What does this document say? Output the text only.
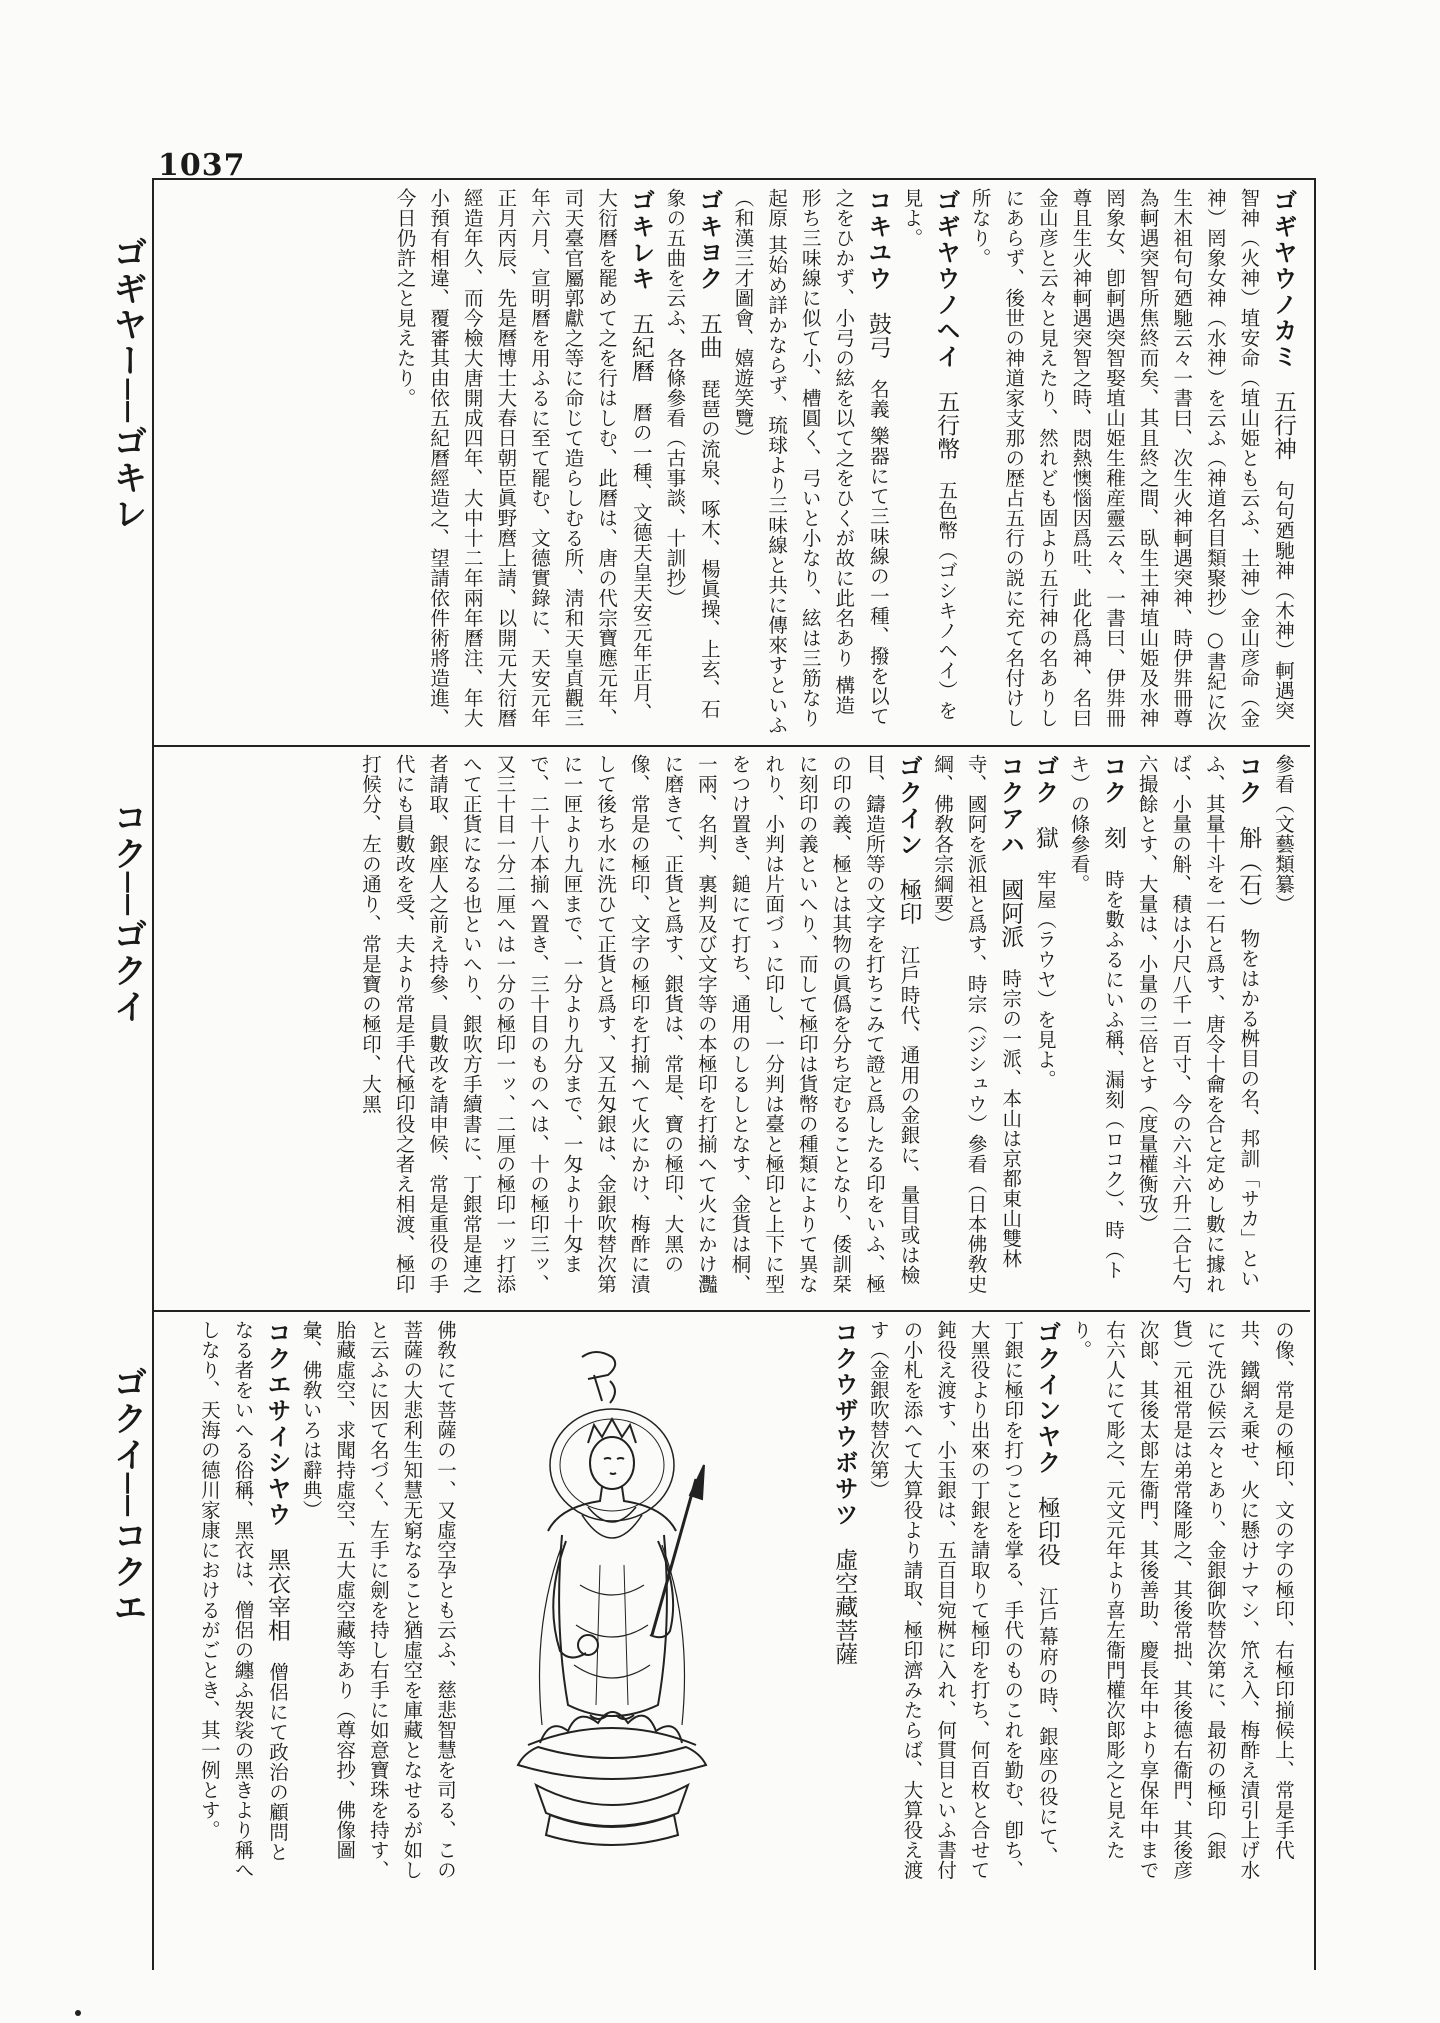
1037
ゴギヤー──ゴキレ
コク──ゴクイ
ゴクイ──コクエ

ゴギヤウノカミ　五行神　句句廼馳神（木神）軻遇突智神（火神）埴安命（埴山姫とも云ふ、土神）金山彦命（金神）罔象女神（水神）を云ふ（神道名目類聚抄）○書紀に次生木祖句句廼馳云々一書曰、次生火神軻遇突神、時伊弉冊尊為軻遇突智所焦終而矣、其且終之間、臥生土神埴山姫及水神罔象女、卽軻遇突智娶埴山姫生稚産靈云々、一書曰、伊弉冊尊且生火神軻遇突智之時、悶熱懊惱因爲吐、此化爲神、名曰金山彦と云々と見えたり、然れども固より五行神の名ありしにあらず、後世の神道家支那の歴占五行の説に充て名付けし所なり。

ゴギヤウノヘイ　五行幣　五色幣（ゴシキノヘイ）を見よ。

コキユウ　鼓弓　名義 樂器にて三味線の一種、撥を以て之をひかず、小弓の絃を以て之をひくが故に此名あり 構造 形ち三味線に似て小、槽圓く、弓いと小なり、絃は三筋なり 起原 其始め詳かならず、琉球より三味線と共に傳來すといふ（和漢三才圖會、嬉遊笑覽）

ゴキヨク　五曲　琵琶の流泉、啄木、楊眞操、上玄、石象の五曲を云ふ、各條參看（古事談、十訓抄）

ゴキレキ　五紀曆　曆の一種、文德天皇天安元年正月、大衍曆を罷めて之を行はしむ、此曆は、唐の代宗寶應元年、司天臺官屬郭獻之等に命じて造らしむる所、淸和天皇貞觀三年六月、宣明曆を用ふるに至て罷む、文德實錄に、天安元年正月丙辰、先是曆博士大春日朝臣眞野麿上請、以開元大衍曆經造年久、而今檢大唐開成四年、大中十二年兩年曆注、年大小預有相違、覆審其由依五紀曆經造之、望請依件術將造進、今日仍許之と見えたり。

參看（文藝類纂）

コク　斛（石）　物をはかる桝目の名、邦訓「サカ」といふ、其量十斗を一石と爲す、唐令十龠を合と定めし數に據れば、小量の斛、積は小尺八千一百寸、今の六斗六升二合七勺六撮餘とす、大量は、小量の三倍とす（度量權衡攷）

コク　刻　時を數ふるにいふ稱、漏刻（ロコク）、時（トキ）の條參看。

ゴク　獄　牢屋（ラウヤ）を見よ。

コクアハ　國阿派　時宗の一派、本山は京都東山雙林寺、國阿を派祖と爲す、時宗（ジシュウ）參看（日本佛敎史綱、佛敎各宗綱要）

ゴクイン　極印　江戶時代、通用の金銀に、量目或は檢目、鑄造所等の文字を打ちこみて證と爲したる印をいふ、極の印の義、極とは其物の眞僞を分ち定むることなり、倭訓栞に刻印の義といへり、而して極印は貨幣の種類によりて異なれり、小判は片面づゝに印し、一分判は臺と極印と上下に型をつけ置き、鎚にて打ち、通用のしるしとなす、金貨は桐、一兩、名判、裏判及び文字等の本極印を打揃へて火にかけ灩に磨きて、正貨と爲す、銀貨は、常是、寶の極印、大黑の像、常是の極印、文字の極印を打揃へて火にかけ、梅酢に漬して後ち水に洗ひて正貨と爲す、又五匁銀は、金銀吹替次第に一匣より九匣まで、一分より九分まで、一匁より十匁まで、二十八本揃へ置き、三十目のものへは、十の極印三ッ、又三十目一分二厘へは一分の極印一ッ、二厘の極印一ッ打添へて正貨になる也といへり、銀吹方手續書に、丁銀常是連之者請取、銀座人之前え持參、員數改を請申候、常是重役の手代にも員數改を受、夫より常是手代極印役之者え相渡、極印打候分、左の通り、常是寶の極印、大黑

の像、常是の極印、文の字の極印、右極印揃候上、常是手代共、鐵網え乘せ、火に懸けナマシ、笊え入、梅酢え漬引上げ水にて洗ひ候云々とあり、金銀御吹替次第に、最初の極印（銀貨）元祖常是は弟常隆彫之、其後常拙、其後德右衞門、其後彦次郞、其後太郞左衞門、其後善助、慶長年中より享保年中まで右六人にて彫之、元文元年より喜左衞門權次郞彫之と見えたり。

ゴクインヤク　極印役　江戶幕府の時、銀座の役にて、丁銀に極印を打つことを掌る、手代のものこれを勤む、卽ち、大黑役より出來の丁銀を請取りて極印を打ち、何百枚と合せて鈍役え渡す、小玉銀は、五百目宛桝に入れ、何貫目といふ書付の小札を添へて大算役より請取、極印濟みたらば、大算役え渡す（金銀吹替次第）

コクウザウボサツ　虛空藏菩薩

佛敎にて菩薩の一、又虛空孕とも云ふ、慈悲智慧を司る、この菩薩の大悲利生知慧无窮なること猶虛空を庫藏となせるが如しと云ふに因て名づく、左手に劍を持し右手に如意寶珠を持す、胎藏虛空、求聞持虛空、五大虛空藏等あり（尊容抄、佛像圖彙、佛敎いろは辭典）

コクエサイシヤウ　黑衣宰相　僧侶にて政治の顧問となる者をいへる俗稱、黑衣は、僧侶の纏ふ袈裟の黑きより稱へしなり、天海の德川家康におけるがごとき、其一例とす。
